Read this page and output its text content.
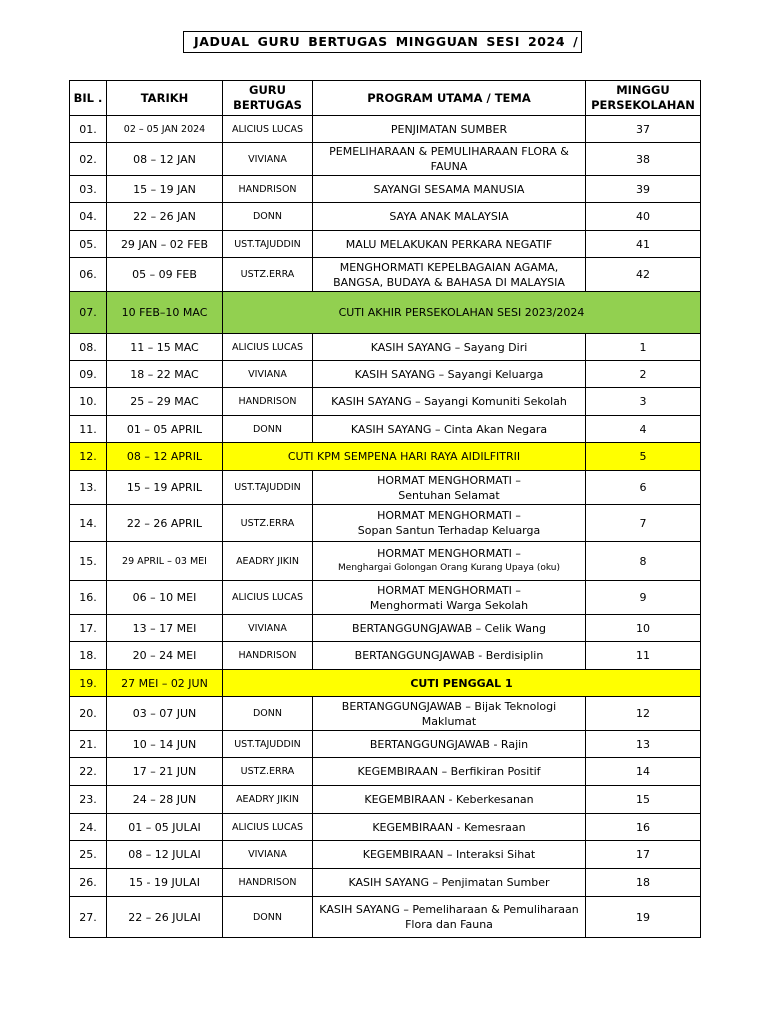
JADUAL GURU BERTUGAS MINGGUAN SESI 2024 /
BIL .	TARIKH	GURU BERTUGAS	PROGRAM UTAMA / TEMA	MINGGU PERSEKOLAHAN
01.	02 – 05 JAN 2024	ALICIUS LUCAS	PENJIMATAN SUMBER	37
02.	08 – 12 JAN	VIVIANA	PEMELIHARAAN & PEMULIHARAAN FLORA & FAUNA	38
03.	15 – 19 JAN	HANDRISON	SAYANGI SESAMA MANUSIA	39
04.	22 – 26 JAN	DONN	SAYA ANAK MALAYSIA	40
05.	29 JAN – 02 FEB	UST.TAJUDDIN	MALU MELAKUKAN PERKARA NEGATIF	41
06.	05 – 09 FEB	USTZ.ERRA	MENGHORMATI KEPELBAGAIAN AGAMA, BANGSA, BUDAYA & BAHASA DI MALAYSIA	42
07.	10 FEB–10 MAC	CUTI AKHIR PERSEKOLAHAN SESI 2023/2024		
08.	11 – 15 MAC	ALICIUS LUCAS	KASIH SAYANG – Sayang Diri	1
09.	18 – 22 MAC	VIVIANA	KASIH SAYANG – Sayangi Keluarga	2
10.	25 – 29 MAC	HANDRISON	KASIH SAYANG – Sayangi Komuniti Sekolah	3
11.	01 – 05 APRIL	DONN	KASIH SAYANG – Cinta Akan Negara	4
12.	08 – 12 APRIL	CUTI KPM SEMPENA HARI RAYA AIDILFITRII		5
13.	15 – 19 APRIL	UST.TAJUDDIN	HORMAT MENGHORMATI –
Sentuhan Selamat	6
14.	22 – 26 APRIL	USTZ.ERRA	HORMAT MENGHORMATI –
Sopan Santun Terhadap Keluarga	7
15.	29 APRIL – 03 MEI	AEADRY JIKIN	HORMAT MENGHORMATI –
Menghargai Golongan Orang Kurang Upaya (oku)	8
16.	06 – 10 MEI	ALICIUS LUCAS	HORMAT MENGHORMATI –
Menghormati Warga Sekolah	9
17.	13 – 17 MEI	VIVIANA	BERTANGGUNGJAWAB – Celik Wang	10
18.	20 – 24 MEI	HANDRISON	BERTANGGUNGJAWAB - Berdisiplin	11
19.	27 MEI – 02 JUN	CUTI PENGGAL 1		
20.	03 – 07 JUN	DONN	BERTANGGUNGJAWAB – Bijak Teknologi Maklumat	12
21.	10 – 14 JUN	UST.TAJUDDIN	BERTANGGUNGJAWAB - Rajin	13
22.	17 – 21 JUN	USTZ.ERRA	KEGEMBIRAAN – Berfikiran Positif	14
23.	24 – 28 JUN	AEADRY JIKIN	KEGEMBIRAAN - Keberkesanan	15
24.	01 – 05 JULAI	ALICIUS LUCAS	KEGEMBIRAAN - Kemesraan	16
25.	08 – 12 JULAI	VIVIANA	KEGEMBIRAAN – Interaksi Sihat	17
26.	15 - 19 JULAI	HANDRISON	KASIH SAYANG – Penjimatan Sumber	18
27.	22 – 26 JULAI	DONN	KASIH SAYANG – Pemeliharaan & Pemuliharaan Flora dan Fauna	19
